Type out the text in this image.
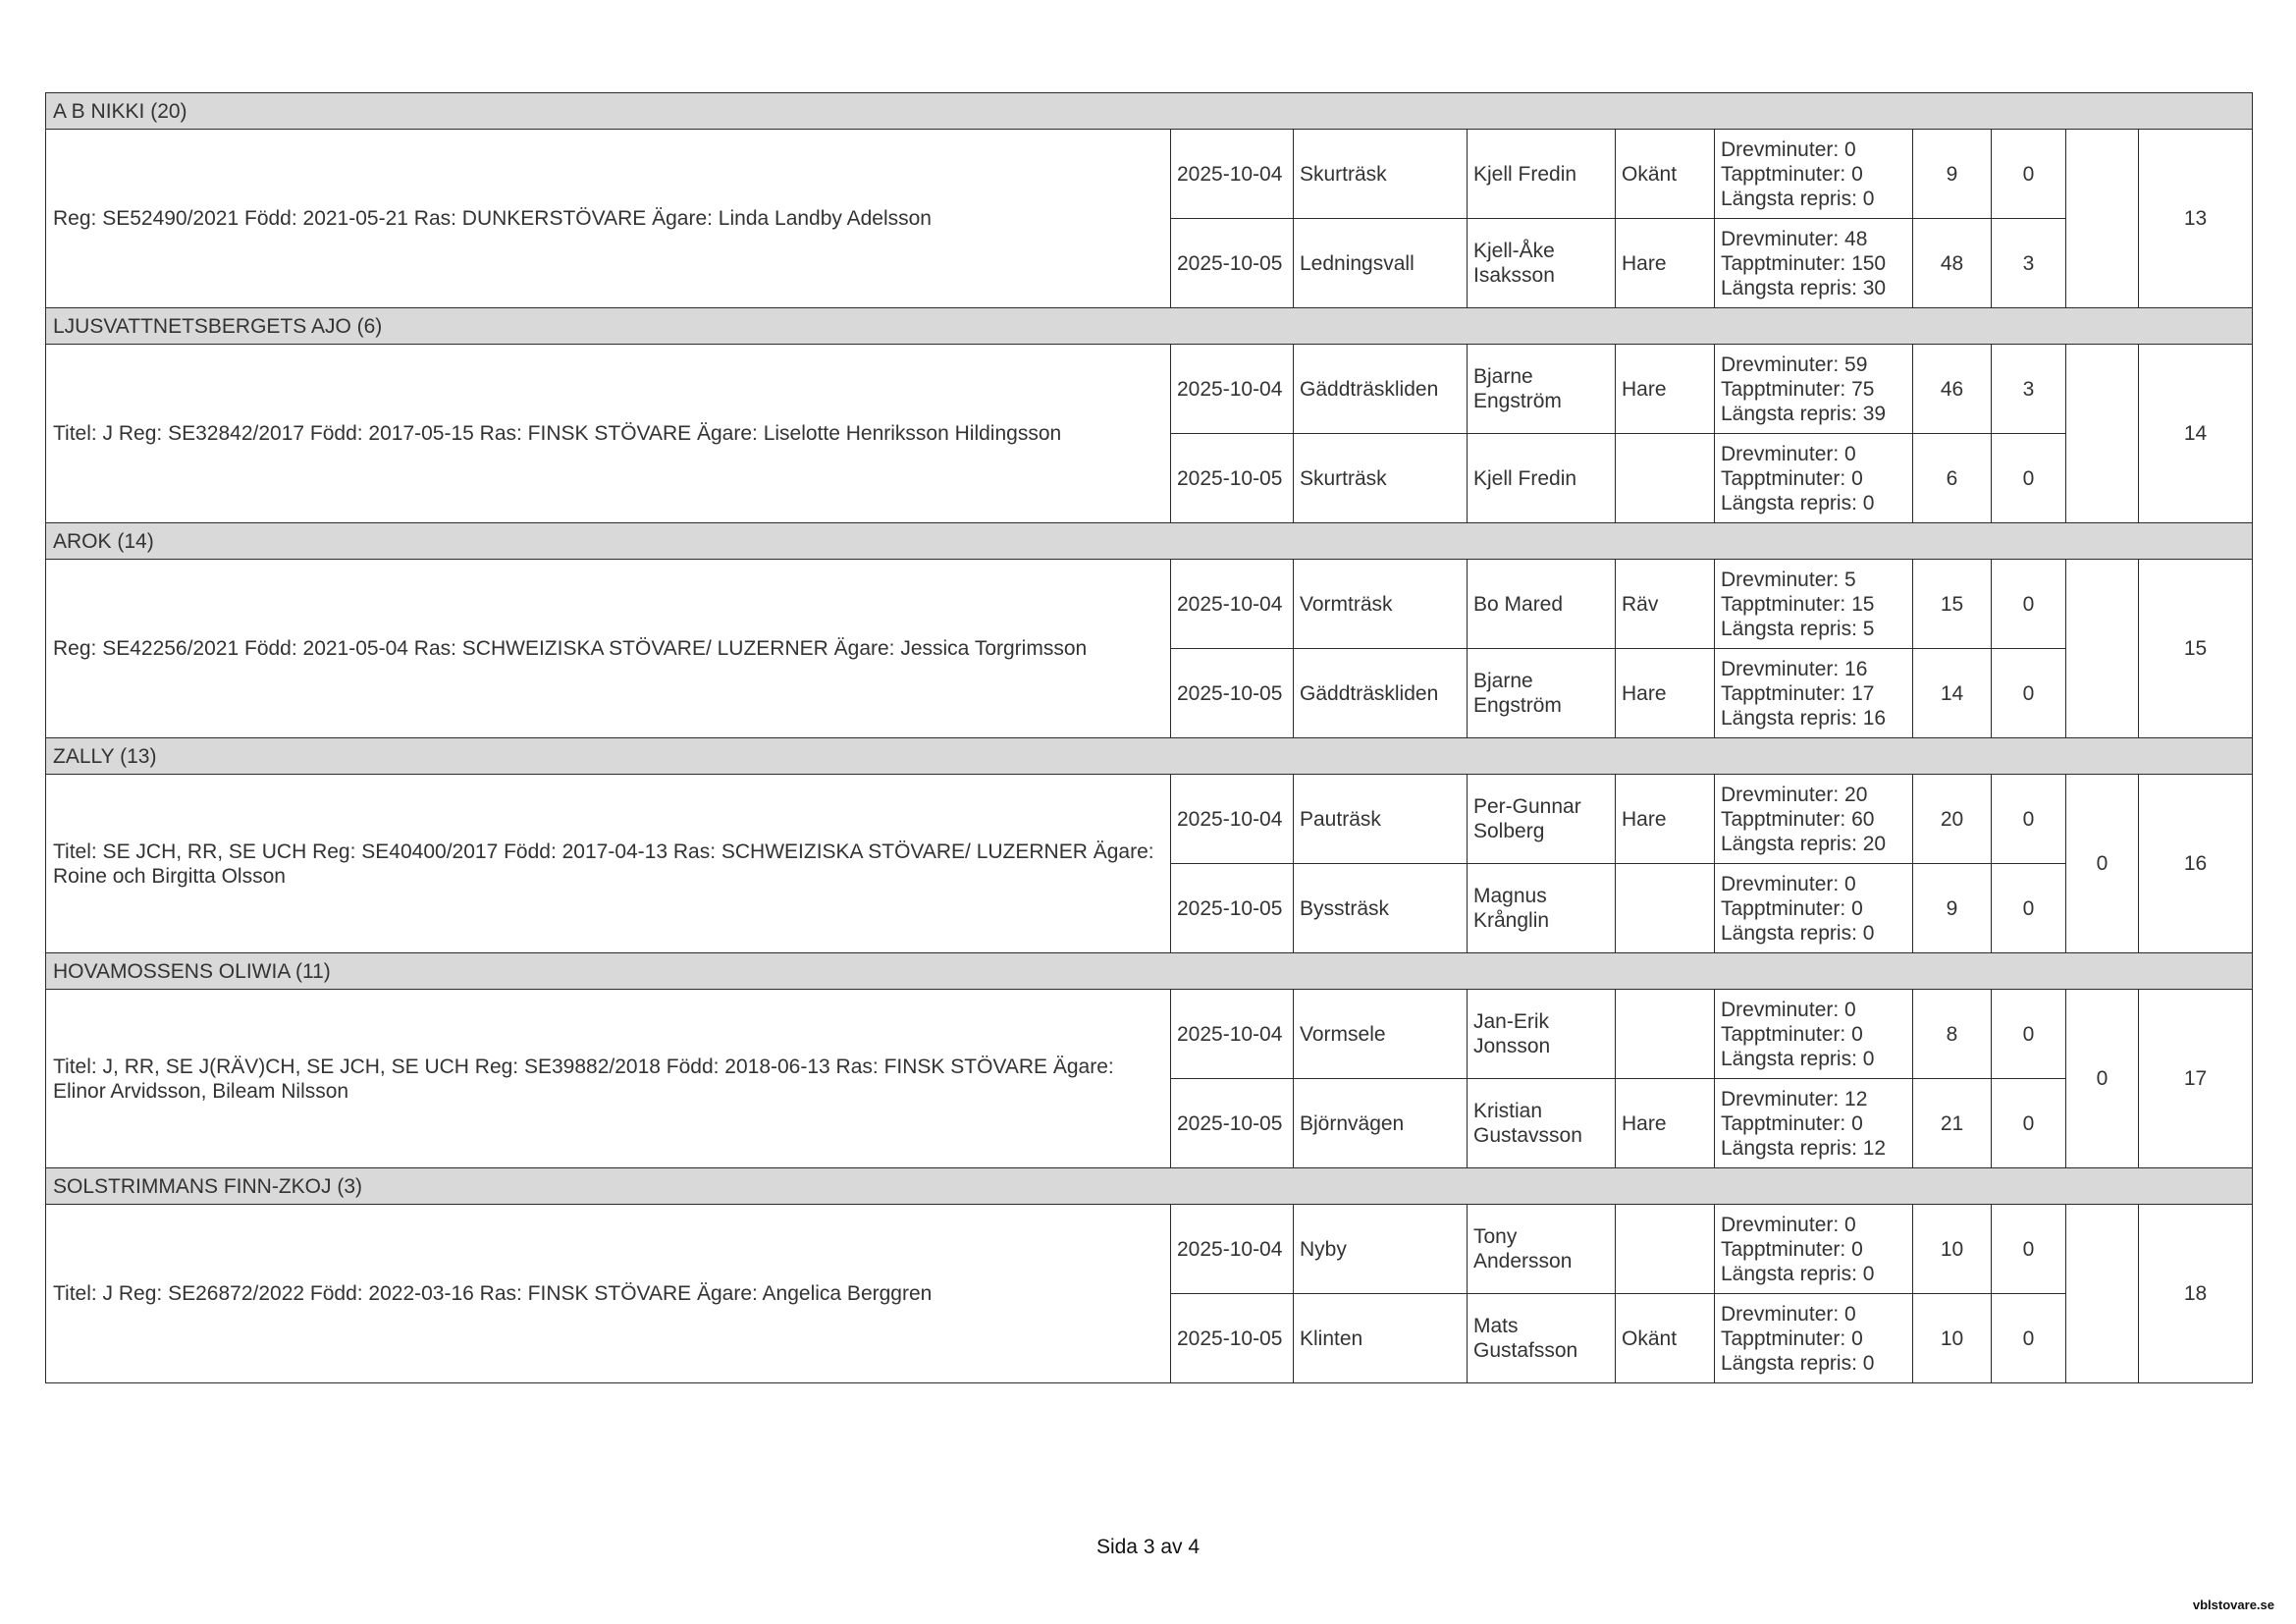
A B NIKKI (20)									
Reg: SE52490/2021 Född: 2021-05-21 Ras: DUNKERSTÖVARE Ägare: Linda Landby Adelsson	2025-10-04	Skurträsk	Kjell Fredin	Okänt	Drevminuter: 0
Tapptminuter: 0
Längsta repris: 0	9	0		13
	2025-10-05	Ledningsvall	Kjell-Åke Isaksson	Hare	Drevminuter: 48
Tapptminuter: 150
Längsta repris: 30	48	3		
LJUSVATTNETSBERGETS AJO (6)									
Titel: J Reg: SE32842/2017 Född: 2017-05-15 Ras: FINSK STÖVARE Ägare: Liselotte Henriksson Hildingsson	2025-10-04	Gäddträskliden	Bjarne Engström	Hare	Drevminuter: 59
Tapptminuter: 75
Längsta repris: 39	46	3		14
	2025-10-05	Skurträsk	Kjell Fredin		Drevminuter: 0
Tapptminuter: 0
Längsta repris: 0	6	0		
AROK (14)									
Reg: SE42256/2021 Född: 2021-05-04 Ras: SCHWEIZISKA STÖVARE/ LUZERNER Ägare: Jessica Torgrimsson	2025-10-04	Vormträsk	Bo Mared	Räv	Drevminuter: 5
Tapptminuter: 15
Längsta repris: 5	15	0		15
	2025-10-05	Gäddträskliden	Bjarne Engström	Hare	Drevminuter: 16
Tapptminuter: 17
Längsta repris: 16	14	0		
ZALLY (13)									
Titel: SE JCH, RR, SE UCH Reg: SE40400/2017 Född: 2017-04-13 Ras: SCHWEIZISKA STÖVARE/ LUZERNER Ägare: Roine och Birgitta Olsson	2025-10-04	Pauträsk	Per-Gunnar Solberg	Hare	Drevminuter: 20
Tapptminuter: 60
Längsta repris: 20	20	0	0	16
	2025-10-05	Byssträsk	Magnus Krånglin		Drevminuter: 0
Tapptminuter: 0
Längsta repris: 0	9	0		
HOVAMOSSENS OLIWIA (11)									
Titel: J, RR, SE J(RÄV)CH, SE JCH, SE UCH Reg: SE39882/2018 Född: 2018-06-13 Ras: FINSK STÖVARE Ägare: Elinor Arvidsson, Bileam Nilsson	2025-10-04	Vormsele	Jan-Erik Jonsson		Drevminuter: 0
Tapptminuter: 0
Längsta repris: 0	8	0	0	17
	2025-10-05	Björnvägen	Kristian Gustavsson	Hare	Drevminuter: 12
Tapptminuter: 0
Längsta repris: 12	21	0		
SOLSTRIMMANS FINN-ZKOJ (3)									
Titel: J Reg: SE26872/2022 Född: 2022-03-16 Ras: FINSK STÖVARE Ägare: Angelica Berggren	2025-10-04	Nyby	Tony Andersson		Drevminuter: 0
Tapptminuter: 0
Längsta repris: 0	10	0		18
	2025-10-05	Klinten	Mats Gustafsson	Okänt	Drevminuter: 0
Tapptminuter: 0
Längsta repris: 0	10	0		
Sida 3 av 4
vblstovare.se
